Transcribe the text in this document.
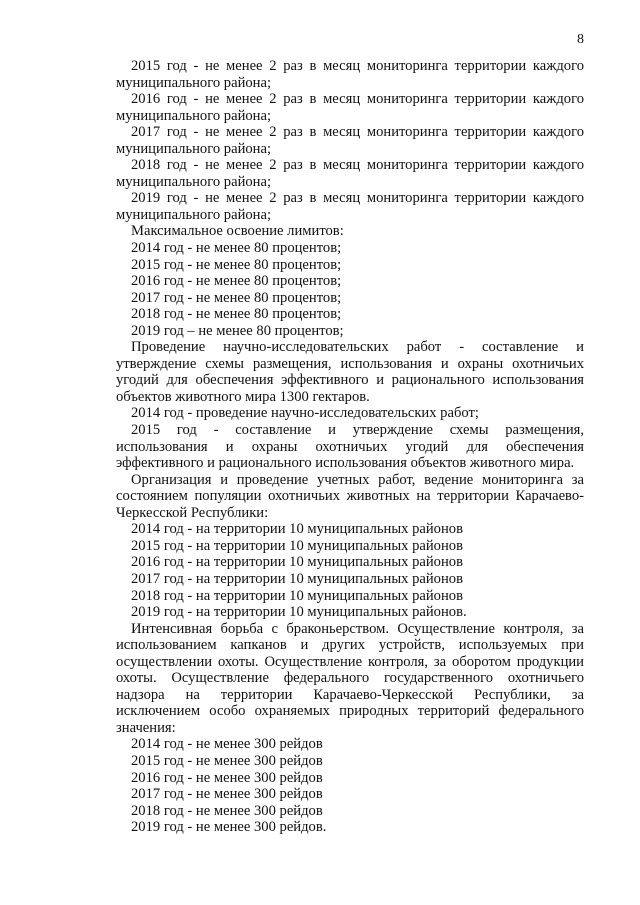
8

2015 год - не менее 2 раз в месяц мониторинга территории каждого муниципального района;

2016 год - не менее 2 раз в месяц мониторинга территории каждого муниципального района;

2017 год - не менее 2 раз в месяц мониторинга территории каждого муниципального района;

2018 год - не менее 2 раз в месяц мониторинга территории каждого муниципального района;

2019 год - не менее 2 раз в месяц мониторинга территории каждого муниципального района;

Максимальное освоение лимитов:
2014 год - не менее 80 процентов;
2015 год - не менее 80 процентов;
2016 год - не менее 80 процентов;
2017 год - не менее 80 процентов;
2018 год - не менее 80 процентов;
2019 год – не менее 80 процентов;

Проведение научно-исследовательских работ - составление и утверждение схемы размещения, использования и охраны охотничьих угодий для обеспечения эффективного и рационального использования объектов животного мира 1300 гектаров.

2014 год - проведение научно-исследовательских работ;

2015 год - составление и утверждение схемы размещения, использования и охраны охотничьих угодий для обеспечения эффективного и рационального использования объектов животного мира.

Организация и проведение учетных работ, ведение мониторинга за состоянием популяции охотничьих животных на территории Карачаево-Черкесской Республики:

2014 год - на территории 10 муниципальных районов
2015 год - на территории 10 муниципальных районов
2016 год - на территории 10 муниципальных районов
2017 год - на территории 10 муниципальных районов
2018 год - на территории 10 муниципальных районов
2019 год - на территории 10 муниципальных районов.

Интенсивная борьба с браконьерством. Осуществление контроля, за использованием капканов и других устройств, используемых при осуществлении охоты. Осуществление контроля, за оборотом продукции охоты. Осуществление федерального государственного охотничьего надзора на территории Карачаево-Черкесской Республики, за исключением особо охраняемых природных территорий федерального значения:

2014 год - не менее 300 рейдов
2015 год - не менее 300 рейдов
2016 год - не менее 300 рейдов
2017 год - не менее 300 рейдов
2018 год - не менее 300 рейдов
2019 год - не менее 300 рейдов.
